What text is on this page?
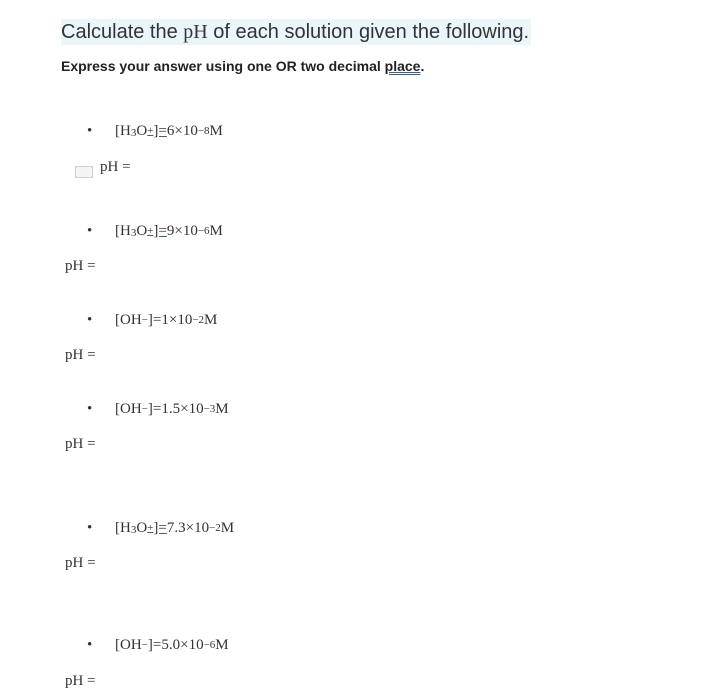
Calculate the pH of each solution given the following.
Express your answer using one OR two decimal place.
• $[H_3O^+]=6\times 10^{-8}M$
pH =
• $[H_3O^+]=9\times 10^{-6}M$
pH =
• $[OH^-]=1\times 10^{-2}M$
pH =
• $[OH^-]=1.5\times 10^{-3}M$
pH =
• $[H_3O^+]=7.3\times 10^{-2}M$
pH =
• $[OH^-]=5.0\times 10^{-6}M$
pH =
